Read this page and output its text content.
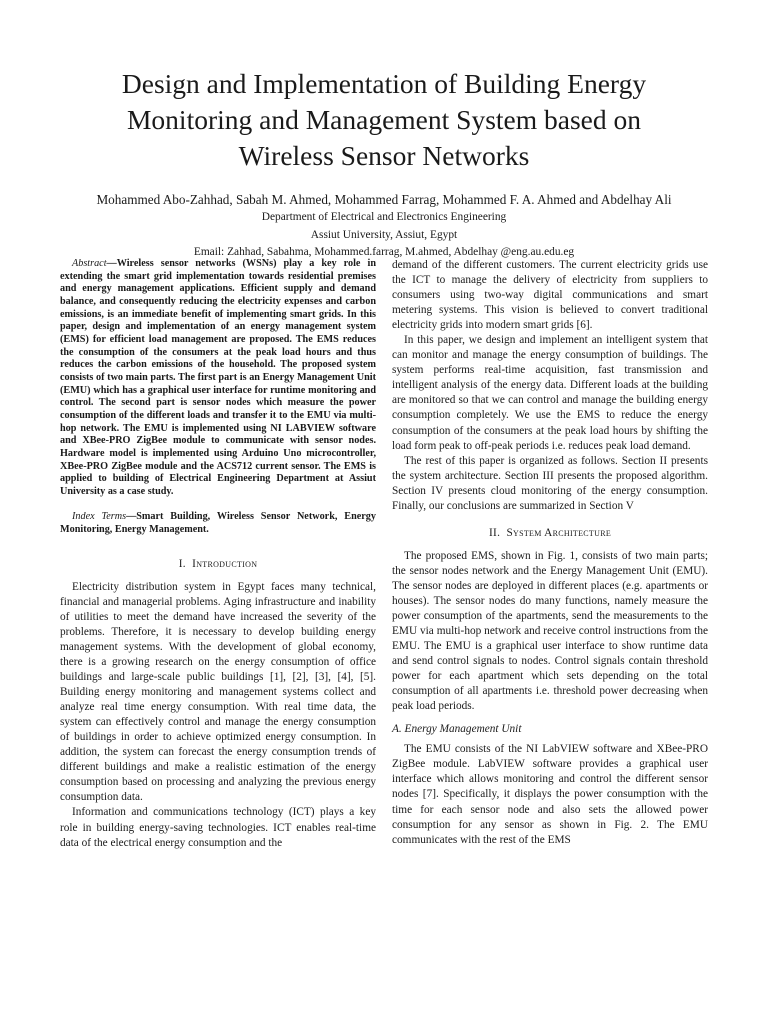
Design and Implementation of Building Energy
Monitoring and Management System based on
Wireless Sensor Networks
Mohammed Abo-Zahhad, Sabah M. Ahmed, Mohammed Farrag, Mohammed F. A. Ahmed and Abdelhay Ali
Department of Electrical and Electronics Engineering
Assiut University, Assiut, Egypt
Email: Zahhad, Sabahma, Mohammed.farrag, M.ahmed, Abdelhay @eng.au.edu.eg

Abstract—Wireless sensor networks (WSNs) play a key role in extending the smart grid implementation towards residential premises and energy management applications. Efficient supply and demand balance, and consequently reducing the electricity expenses and carbon emissions, is an immediate benefit of implementing smart grids. In this paper, design and implementation of an energy management system (EMS) for efficient load management are proposed. The EMS reduces the consumption of the consumers at the peak load hours and thus reduces the carbon emissions of the household. The proposed system consists of two main parts. The first part is an Energy Management Unit (EMU) which has a graphical user interface for runtime monitoring and control. The second part is sensor nodes which measure the power consumption of the different loads and transfer it to the EMU via multi-hop network. The EMU is implemented using NI LABVIEW software and XBee-PRO ZigBee module to communicate with sensor nodes. Hardware model is implemented using Arduino Uno microcontroller, XBee-PRO ZigBee module and the ACS712 current sensor. The EMS is applied to building of Electrical Engineering Department at Assiut University as a case study.

Index Terms—Smart Building, Wireless Sensor Network, Energy Monitoring, Energy Management.

I. Introduction

Electricity distribution system in Egypt faces many technical, financial and managerial problems. Aging infrastructure and inability of utilities to meet the demand have increased the severity of the problems. Therefore, it is necessary to develop building energy management systems. With the development of global economy, there is a growing research on the energy consumption of office buildings and large-scale public buildings [1], [2], [3], [4], [5]. Building energy monitoring and management systems collect and analyze real time energy consumption. With real time data, the system can effectively control and manage the energy consumption of buildings in order to achieve optimized energy consumption. In addition, the system can forecast the energy consumption trends of different buildings and make a realistic estimation of the energy consumption based on processing and analyzing the previous energy consumption data.

Information and communications technology (ICT) plays a key role in building energy-saving technologies. ICT enables real-time data of the electrical energy consumption and the

demand of the different customers. The current electricity grids use the ICT to manage the delivery of electricity from suppliers to consumers using two-way digital communications and smart metering systems. This vision is believed to convert traditional electricity grids into modern smart grids [6].

In this paper, we design and implement an intelligent system that can monitor and manage the energy consumption of buildings. The system performs real-time acquisition, fast transmission and intelligent analysis of the energy data. Different loads at the building are monitored so that we can control and manage the building energy consumption completely. We use the EMS to reduce the energy consumption of the consumers at the peak load hours by shifting the load form peak to off-peak periods i.e. reduces peak load demand.

The rest of this paper is organized as follows. Section II presents the system architecture. Section III presents the proposed algorithm. Section IV presents cloud monitoring of the energy consumption. Finally, our conclusions are summarized in Section V

II. System Architecture

The proposed EMS, shown in Fig. 1, consists of two main parts; the sensor nodes network and the Energy Management Unit (EMU). The sensor nodes are deployed in different places (e.g. apartments or houses). The sensor nodes do many functions, namely measure the power consumption of the apartments, send the measurements to the EMU via multi-hop network and receive control instructions from the EMU. The EMU is a graphical user interface to show runtime data and send control signals to nodes. Control signals contain threshold power for each apartment which sets depending on the total consumption of all apartments i.e. threshold power decreasing when peak load periods.

A. Energy Management Unit

The EMU consists of the NI LabVIEW software and XBee-PRO ZigBee module. LabVIEW software provides a graphical user interface which allows monitoring and control the different sensor nodes [7]. Specifically, it displays the power consumption with the time for each sensor node and also sets the allowed power consumption for any sensor as shown in Fig. 2. The EMU communicates with the rest of the EMS
